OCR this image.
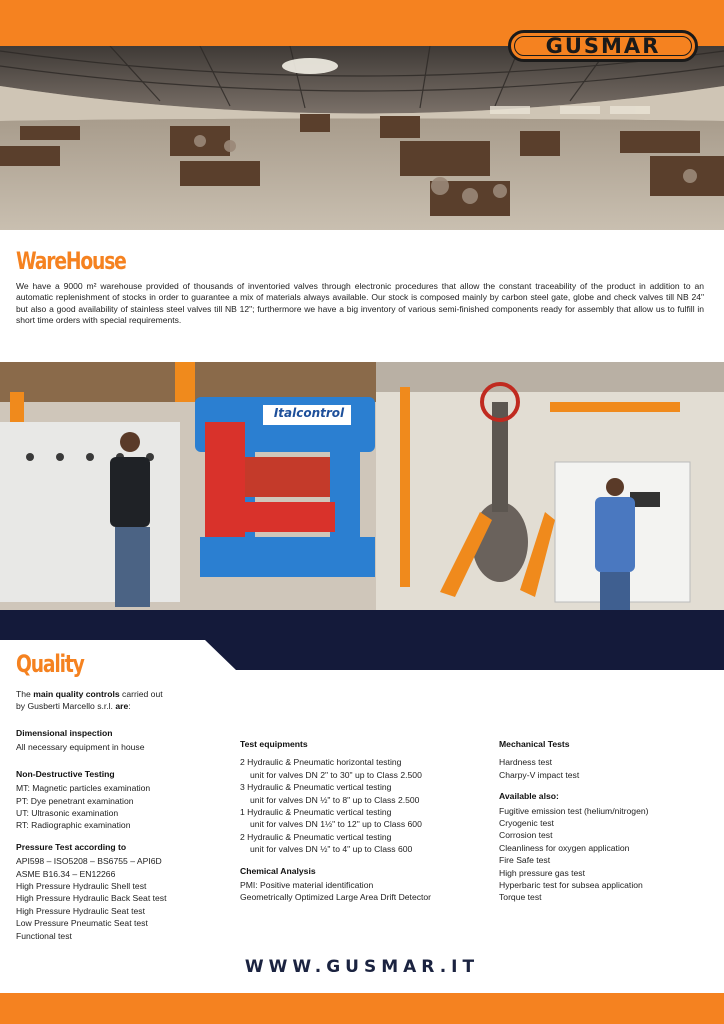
GUSMAR
WareHouse
We have a 9000 m² warehouse provided of thousands of inventoried valves through electronic procedures that allow the constant traceability of the product in addition to an automatic replenishment of stocks in order to guarantee a mix of materials always available. Our stock is composed mainly by carbon steel gate, globe and check valves till NB 24" but also a good availability of stainless steel valves till NB 12"; furthermore we have a big inventory of various semi-finished components ready for assembly that allow us to fulfill in short time orders with special requirements.
Italcontrol
Quality
The main quality controls carried out
by Gusberti Marcello s.r.l. are:
Dimensional inspection
All necessary equipment in house
Non-Destructive Testing
MT: Magnetic particles examination
PT: Dye penetrant examination
UT: Ultrasonic examination
RT: Radiographic examination
Pressure Test according to
API598 – ISO5208 – BS6755 – API6D
ASME B16.34 – EN12266
High Pressure Hydraulic Shell test
High Pressure Hydraulic Back Seat test
High Pressure Hydraulic Seat test
Low Pressure Pneumatic Seat test
Functional test
Test equipments
2 Hydraulic & Pneumatic horizontal testing
unit for valves DN 2" to 30" up to Class 2.500
3 Hydraulic & Pneumatic vertical testing
unit for valves DN ½" to 8" up to Class 2.500
1 Hydraulic & Pneumatic vertical testing
unit for valves DN 1½" to 12" up to Class 600
2 Hydraulic & Pneumatic vertical testing
unit for valves DN ½" to 4" up to Class 600
Chemical Analysis
PMI: Positive material identification
Geometrically Optimized Large Area Drift Detector
Mechanical Tests
Hardness test
Charpy-V impact test
Available also:
Fugitive emission test (helium/nitrogen)
Cryogenic test
Corrosion test
Cleanliness for oxygen application
Fire Safe test
High pressure gas test
Hyperbaric test for subsea application
Torque test
WWW.GUSMAR.IT
